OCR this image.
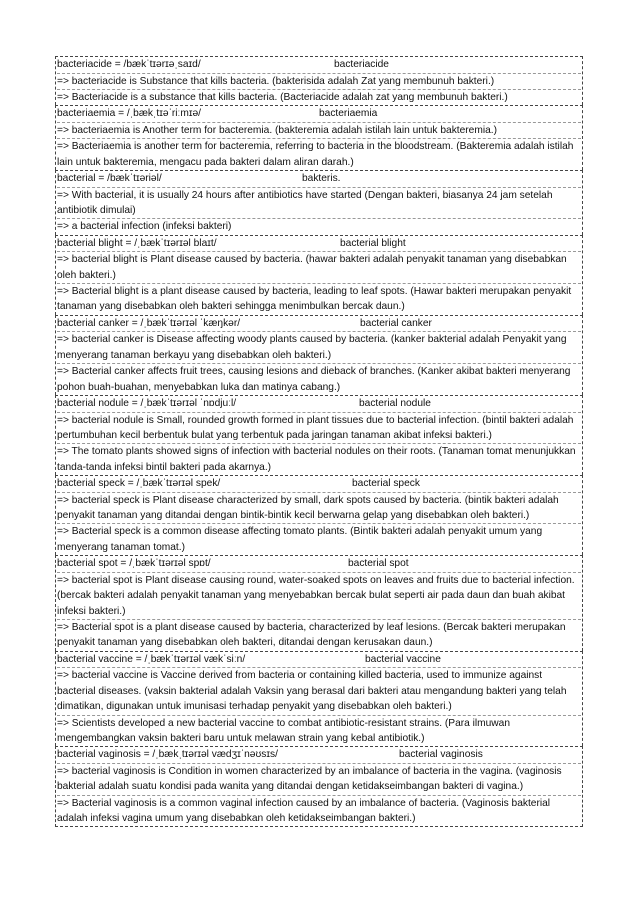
bacteriacide = /bækˈtɪərɪəˌsaɪd/	bacteriacide
=> bacteriacide is Substance that kills bacteria. (bakterisida adalah Zat yang membunuh bakteri.)
=> Bacteriacide is a substance that kills bacteria. (Bacteriacide adalah zat yang membunuh bakteri.)
bacteriaemia = /ˌbækˌtɪəˈriːmɪə/	bacteriaemia
=> bacteriaemia is Another term for bacteremia. (bakteremia adalah istilah lain untuk bakteremia.)
=> Bacteriaemia is another term for bacteremia, referring to bacteria in the bloodstream. (Bakteremia adalah istilah lain untuk bakteremia, mengacu pada bakteri dalam aliran darah.)
bacterial = /bækˈtɪəriəl/	bakteris.
=> With bacterial, it is usually 24 hours after antibiotics have started (Dengan bakteri, biasanya 24 jam setelah antibiotik dimulai)
=> a bacterial infection (infeksi bakteri)
bacterial blight = /ˌbækˈtɪərɪəl blaɪt/	bacterial blight
=> bacterial blight is Plant disease caused by bacteria. (hawar bakteri adalah penyakit tanaman yang disebabkan oleh bakteri.)
=> Bacterial blight is a plant disease caused by bacteria, leading to leaf spots. (Hawar bakteri merupakan penyakit tanaman yang disebabkan oleh bakteri sehingga menimbulkan bercak daun.)
bacterial canker = /ˌbækˈtɪərɪəl ˈkæŋkər/	bacterial canker
=> bacterial canker is Disease affecting woody plants caused by bacteria. (kanker bakterial adalah Penyakit yang menyerang tanaman berkayu yang disebabkan oleh bakteri.)
=> Bacterial canker affects fruit trees, causing lesions and dieback of branches. (Kanker akibat bakteri menyerang pohon buah-buahan, menyebabkan luka dan matinya cabang.)
bacterial nodule = /ˌbækˈtɪərɪəl ˈnɒdjuːl/	bacterial nodule
=> bacterial nodule is Small, rounded growth formed in plant tissues due to bacterial infection. (bintil bakteri adalah pertumbuhan kecil berbentuk bulat yang terbentuk pada jaringan tanaman akibat infeksi bakteri.)
=> The tomato plants showed signs of infection with bacterial nodules on their roots. (Tanaman tomat menunjukkan tanda-tanda infeksi bintil bakteri pada akarnya.)
bacterial speck = /ˌbækˈtɪərɪəl spek/	bacterial speck
=> bacterial speck is Plant disease characterized by small, dark spots caused by bacteria. (bintik bakteri adalah penyakit tanaman yang ditandai dengan bintik-bintik kecil berwarna gelap yang disebabkan oleh bakteri.)
=> Bacterial speck is a common disease affecting tomato plants. (Bintik bakteri adalah penyakit umum yang menyerang tanaman tomat.)
bacterial spot = /ˌbækˈtɪərɪəl spɒt/	bacterial spot
=> bacterial spot is Plant disease causing round, water-soaked spots on leaves and fruits due to bacterial infection. (bercak bakteri adalah penyakit tanaman yang menyebabkan bercak bulat seperti air pada daun dan buah akibat infeksi bakteri.)
=> Bacterial spot is a plant disease caused by bacteria, characterized by leaf lesions. (Bercak bakteri merupakan penyakit tanaman yang disebabkan oleh bakteri, ditandai dengan kerusakan daun.)
bacterial vaccine = /ˌbækˈtɪərɪəl vækˈsiːn/	bacterial vaccine
=> bacterial vaccine is Vaccine derived from bacteria or containing killed bacteria, used to immunize against bacterial diseases. (vaksin bakterial adalah Vaksin yang berasal dari bakteri atau mengandung bakteri yang telah dimatikan, digunakan untuk imunisasi terhadap penyakit yang disebabkan oleh bakteri.)
=> Scientists developed a new bacterial vaccine to combat antibiotic-resistant strains. (Para ilmuwan mengembangkan vaksin bakteri baru untuk melawan strain yang kebal antibiotik.)
bacterial vaginosis = /ˌbækˌtɪərɪəl vædʒɪˈnəʊsɪs/	bacterial vaginosis
=> bacterial vaginosis is Condition in women characterized by an imbalance of bacteria in the vagina. (vaginosis bakterial adalah suatu kondisi pada wanita yang ditandai dengan ketidakseimbangan bakteri di vagina.)
=> Bacterial vaginosis is a common vaginal infection caused by an imbalance of bacteria. (Vaginosis bakterial adalah infeksi vagina umum yang disebabkan oleh ketidakseimbangan bakteri.)
